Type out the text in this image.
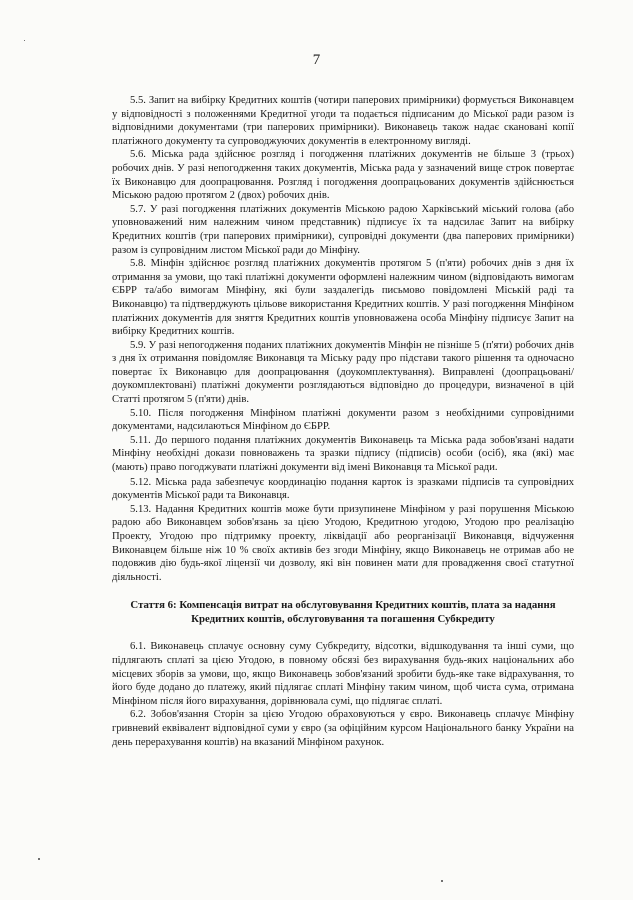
7

5.5. Запит на вибірку Кредитних коштів (чотири паперових примірники) формується Виконавцем у відповідності з положеннями Кредитної угоди та подається підписаним до Міської ради разом із відповідними документами (три паперових примірники). Виконавець також надає скановані копії платіжного документу та супроводжуючих документів в електронному вигляді.

5.6. Міська рада здійснює розгляд і погодження платіжних документів не більше 3 (трьох) робочих днів. У разі непогодження таких документів, Міська рада у зазначений вище строк повертає їх Виконавцю для доопрацювання. Розгляд і погодження доопрацьованих документів здійснюється Міською радою протягом 2 (двох) робочих днів.

5.7. У разі погодження платіжних документів Міською радою Харківський міський голова (або уповноважений ним належним чином представник) підписує їх та надсилає Запит на вибірку Кредитних коштів (три паперових примірники), супровідні документи (два паперових примірники) разом із супровідним листом Міської ради до Мінфіну.

5.8. Мінфін здійснює розгляд платіжних документів протягом 5 (п'яти) робочих днів з дня їх отримання за умови, що такі платіжні документи оформлені належним чином (відповідають вимогам ЄБРР та/або вимогам Мінфіну, які були заздалегідь письмово повідомлені Міській раді та Виконавцю) та підтверджують цільове використання Кредитних коштів. У разі погодження Мінфіном платіжних документів для зняття Кредитних коштів уповноважена особа Мінфіну підписує Запит на вибірку Кредитних коштів.

5.9. У разі непогодження поданих платіжних документів Мінфін не пізніше 5 (п'яти) робочих днів з дня їх отримання повідомляє Виконавця та Міську раду про підстави такого рішення та одночасно повертає їх Виконавцю для доопрацювання (доукомплектування). Виправлені (доопрацьовані/доукомплектовані) платіжні документи розглядаються відповідно до процедури, визначеної в цій Статті протягом 5 (п'яти) днів.

5.10. Після погодження Мінфіном платіжні документи разом з необхідними супровідними документами, надсилаються Мінфіном до ЄБРР.

5.11. До першого подання платіжних документів Виконавець та Міська рада зобов'язані надати Мінфіну необхідні докази повноважень та зразки підпису (підписів) особи (осіб), яка (які) має (мають) право погоджувати платіжні документи від імені Виконавця та Міської ради.

5.12. Міська рада забезпечує координацію подання карток із зразками підписів та супровідних документів Міської ради та Виконавця.

5.13. Надання Кредитних коштів може бути призупинене Мінфіном у разі порушення Міською радою або Виконавцем зобов'язань за цією Угодою, Кредитною угодою, Угодою про реалізацію Проекту, Угодою про підтримку проекту, ліквідації або реорганізації Виконавця, відчуження Виконавцем більше ніж 10 % своїх активів без згоди Мінфіну, якщо Виконавець не отримав або не подовжив дію будь-якої ліцензії чи дозволу, які він повинен мати для провадження своєї статутної діяльності.

Стаття 6: Компенсація витрат на обслуговування Кредитних коштів, плата за надання Кредитних коштів, обслуговування та погашення Субкредиту

6.1. Виконавець сплачує основну суму Субкредиту, відсотки, відшкодування та інші суми, що підлягають сплаті за цією Угодою, в повному обсязі без вирахування будь-яких національних або місцевих зборів за умови, що, якщо Виконавець зобов'язаний зробити будь-яке таке відрахування, то його буде додано до платежу, який підлягає сплаті Мінфіну таким чином, щоб чиста сума, отримана Мінфіном після його вирахування, дорівнювала сумі, що підлягає сплаті.

6.2. Зобов'язання Сторін за цією Угодою обраховуються у євро. Виконавець сплачує Мінфіну гривневий еквівалент відповідної суми у євро (за офіційним курсом Національного банку України на день перерахування коштів) на вказаний Мінфіном рахунок.
